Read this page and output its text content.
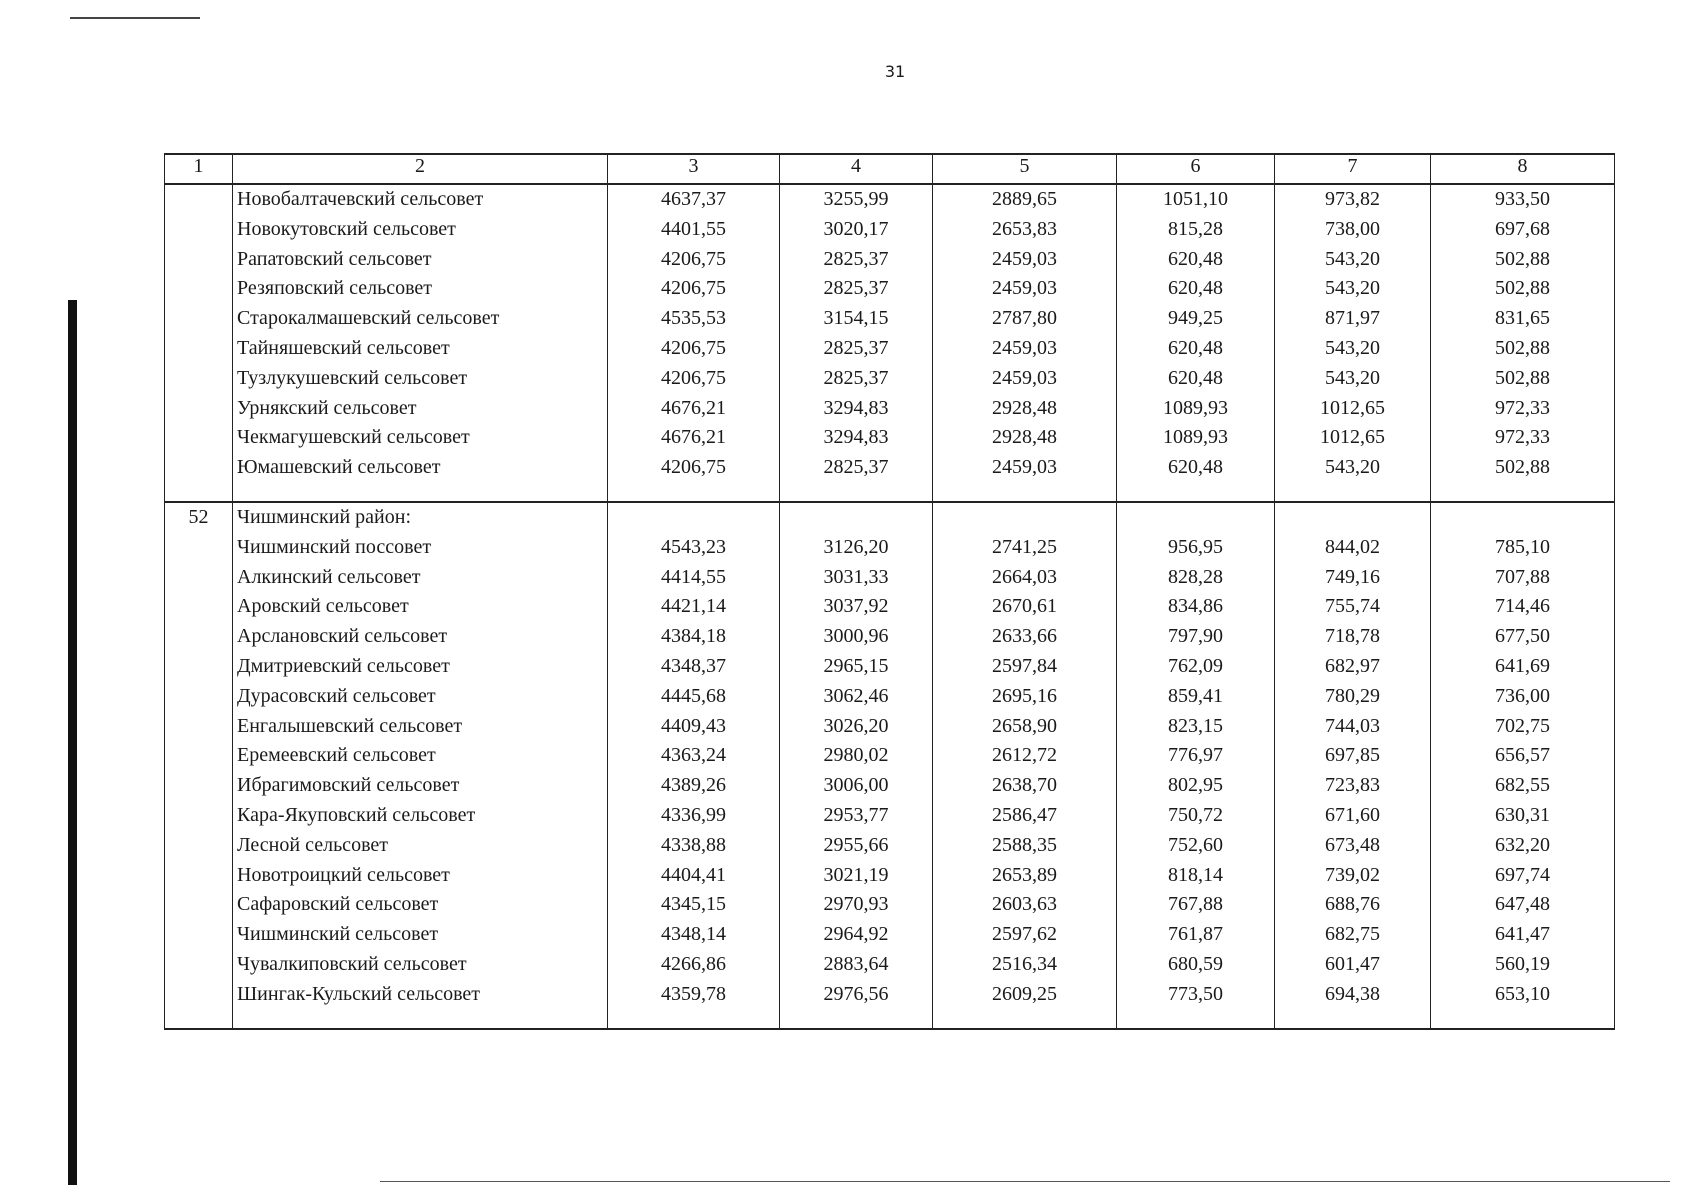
31
1	2	3	4	5	6	7	8
	Новобалтачевский сельсовет	4637,37	3255,99	2889,65	1051,10	973,82	933,50
	Новокутовский сельсовет	4401,55	3020,17	2653,83	815,28	738,00	697,68
	Рапатовский сельсовет	4206,75	2825,37	2459,03	620,48	543,20	502,88
	Резяповский сельсовет	4206,75	2825,37	2459,03	620,48	543,20	502,88
	Старокалмашевский сельсовет	4535,53	3154,15	2787,80	949,25	871,97	831,65
	Тайняшевский сельсовет	4206,75	2825,37	2459,03	620,48	543,20	502,88
	Тузлукушевский сельсовет	4206,75	2825,37	2459,03	620,48	543,20	502,88
	Урнякский сельсовет	4676,21	3294,83	2928,48	1089,93	1012,65	972,33
	Чекмагушевский сельсовет	4676,21	3294,83	2928,48	1089,93	1012,65	972,33
	Юмашевский сельсовет	4206,75	2825,37	2459,03	620,48	543,20	502,88

52	Чишминский район:						
	Чишминский поссовет	4543,23	3126,20	2741,25	956,95	844,02	785,10
	Алкинский сельсовет	4414,55	3031,33	2664,03	828,28	749,16	707,88
	Аровский сельсовет	4421,14	3037,92	2670,61	834,86	755,74	714,46
	Арслановский сельсовет	4384,18	3000,96	2633,66	797,90	718,78	677,50
	Дмитриевский сельсовет	4348,37	2965,15	2597,84	762,09	682,97	641,69
	Дурасовский сельсовет	4445,68	3062,46	2695,16	859,41	780,29	736,00
	Енгалышевский сельсовет	4409,43	3026,20	2658,90	823,15	744,03	702,75
	Еремеевский сельсовет	4363,24	2980,02	2612,72	776,97	697,85	656,57
	Ибрагимовский сельсовет	4389,26	3006,00	2638,70	802,95	723,83	682,55
	Кара-Якуповский сельсовет	4336,99	2953,77	2586,47	750,72	671,60	630,31
	Лесной сельсовет	4338,88	2955,66	2588,35	752,60	673,48	632,20
	Новотроицкий сельсовет	4404,41	3021,19	2653,89	818,14	739,02	697,74
	Сафаровский сельсовет	4345,15	2970,93	2603,63	767,88	688,76	647,48
	Чишминский сельсовет	4348,14	2964,92	2597,62	761,87	682,75	641,47
	Чувалкиповский сельсовет	4266,86	2883,64	2516,34	680,59	601,47	560,19
	Шингак-Кульский сельсовет	4359,78	2976,56	2609,25	773,50	694,38	653,10
